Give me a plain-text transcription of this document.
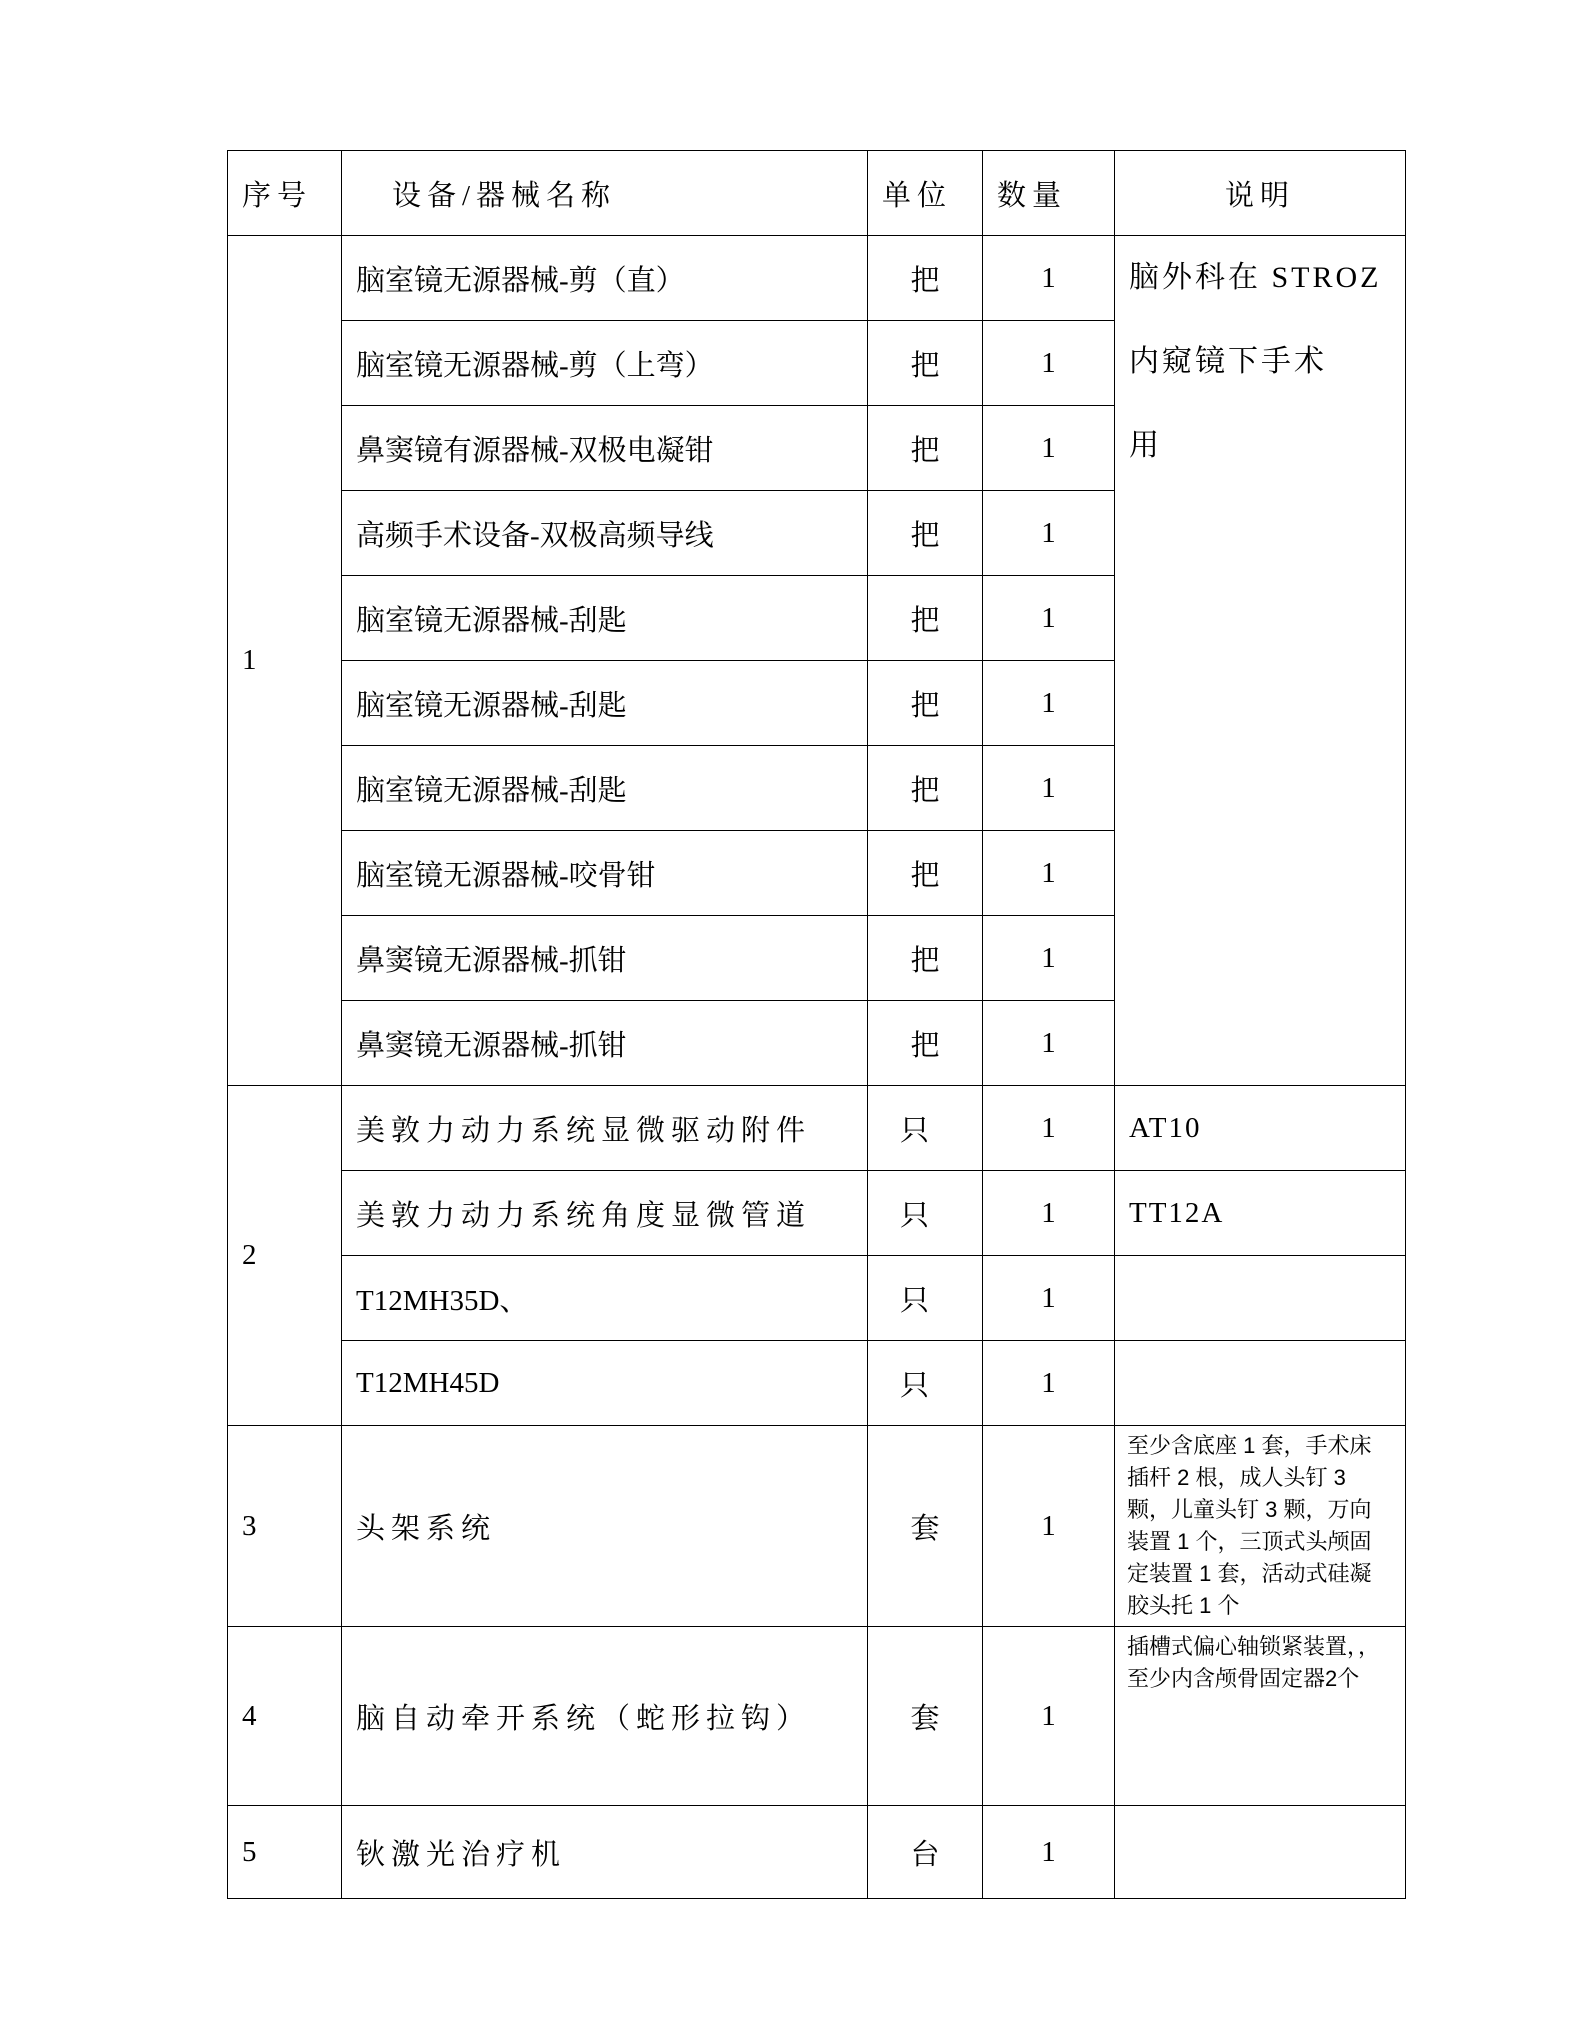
序号	设备/器械名称	单位	数量	说明
1	脑室镜无源器械-剪（直）	把	1	脑外科在 STROZ
内窥镜下手术
用

	脑室镜无源器械-剪（上弯）	把	1	
	鼻窦镜有源器械-双极电凝钳	把	1	
	高频手术设备-双极高频导线	把	1	
	脑室镜无源器械-刮匙	把	1	
	脑室镜无源器械-刮匙	把	1	
	脑室镜无源器械-刮匙	把	1	
	脑室镜无源器械-咬骨钳	把	1	
	鼻窦镜无源器械-抓钳	把	1	
	鼻窦镜无源器械-抓钳	把	1	
2	美敦力动力系统显微驱动附件	只	1	AT10
	美敦力动力系统角度显微管道	只	1	TT12A
	T12MH35D、	只	1	
	T12MH45D	只	1	
3	头架系统	套	1	至少含底座 1 套，手术床插杆 2 根，成人头钉 3 颗，儿童头钉 3 颗，万向装置 1 个，三顶式头颅固定装置 1 套，活动式硅凝胶头托 1 个
4	脑自动牵开系统（蛇形拉钩）	套	1	插槽式偏心轴锁紧装置，，至少内含颅骨固定器2个
5	钬激光治疗机	台	1	
